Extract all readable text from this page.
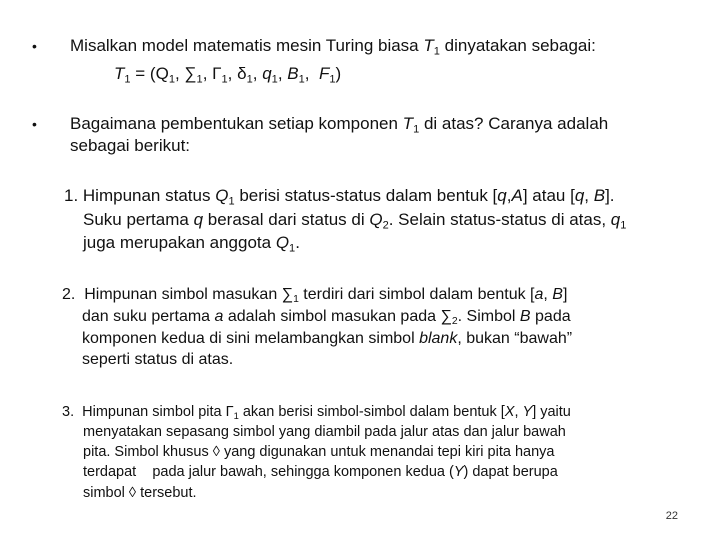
• Misalkan model matematis mesin Turing biasa $T_1$ dinyatakan sebagai:
$T_1 = (Q_1$, $\sum_1$, $\Gamma_1$, $\delta_1$, $q_1$, $B_1$,  $F_1$)
• Bagaimana pembentukan setiap komponen $T_1$ di atas? Caranya adalah
sebagai berikut:
1. Himpunan status $Q_1$ berisi status-status dalam bentuk [q,A] atau [q, B].
Suku pertama q berasal dari status di $Q_2$. Selain status-status di atas, $q_1$
juga merupakan anggota $Q_1$.
2.  Himpunan simbol masukan $\sum_1$ terdiri dari simbol dalam bentuk [a, B]
dan suku pertama a adalah simbol masukan pada $\sum_2$. Simbol B pada
komponen kedua di sini melambangkan simbol blank, bukan “bawah”
seperti status di atas.
3.  Himpunan simbol pita $\Gamma_1$ akan berisi simbol-simbol dalam bentuk [X, Y] yaitu
menyatakan sepasang simbol yang diambil pada jalur atas dan jalur bawah
pita. Simbol khusus ◊ yang digunakan untuk menandai tepi kiri pita hanya
terdapat    pada jalur bawah, sehingga komponen kedua (Y) dapat berupa
simbol ◊ tersebut.
22
